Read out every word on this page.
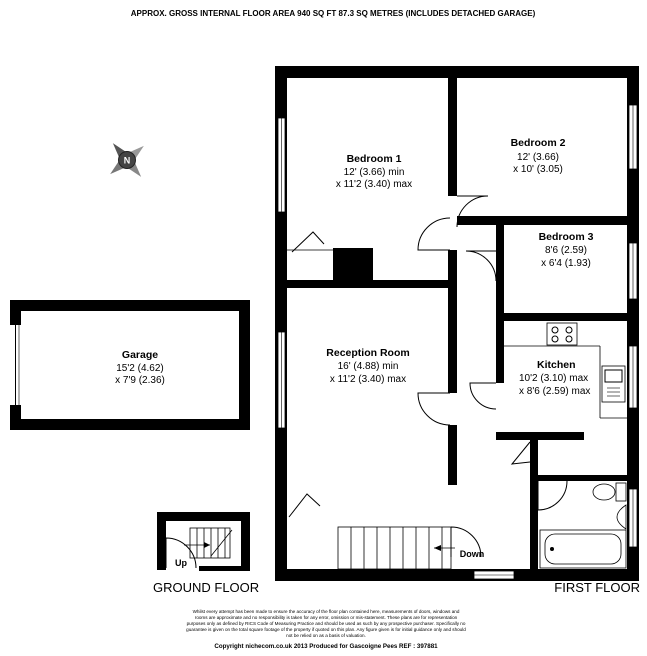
APPROX. GROSS INTERNAL FLOOR AREA 940 SQ FT 87.3 SQ METRES (INCLUDES DETACHED GARAGE)
N
Garage
15'2 (4.62)
x 7'9 (2.36)
Up
Down
Bedroom 1
12' (3.66) min
x 11'2 (3.40) max
Bedroom 2
12' (3.66)
x 10' (3.05)
Bedroom 3
8'6 (2.59)
x 6'4 (1.93)
Reception Room
16' (4.88) min
x 11'2 (3.40) max
Kitchen
10'2 (3.10) max
x 8'6 (2.59) max
GROUND FLOOR	FIRST FLOOR
Whilst every attempt has been made to ensure the accuracy of the floor plan contained here, measurements of doors, windows and
rooms are approximate and no responsibility is taken for any error, omission or mis-statement. These plans are for representation
purposes only as defined by RICS Code of Measuring Practice and should be used as such by any prospective purchaser. Specifically no
guarantee is given on the total square footage of the property if quoted on this plan. Any figure given is for initial guidance only and should
not be relied on as a basis of valuation.
Copyright nichecom.co.uk 2013 Produced for Gascoigne Pees REF : 397881
